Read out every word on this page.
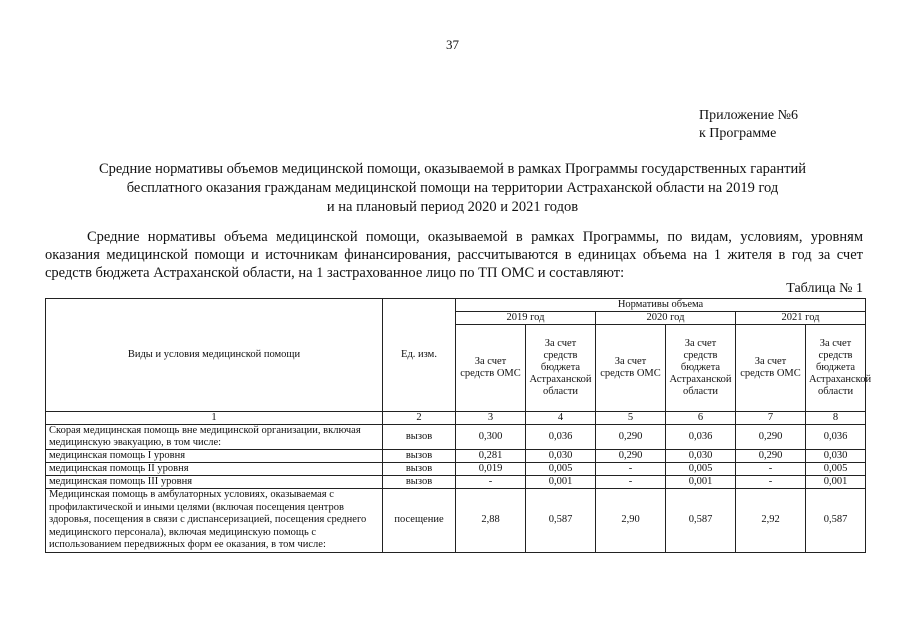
37
Приложение №6
к Программе
Средние нормативы объемов медицинской помощи, оказываемой в рамках Программы государственных гарантий
бесплатного оказания гражданам медицинской помощи на территории Астраханской области на 2019 год
и на плановый период 2020 и 2021 годов
Средние нормативы объема медицинской помощи, оказываемой в рамках Программы, по видам, условиям, уровням
оказания медицинской помощи и источникам финансирования, рассчитываются в единицах объема на 1 жителя в год за счет
средств бюджета Астраханской области, на 1 застрахованное лицо по ТП ОМС и составляют:
Таблица № 1
Виды и условия медицинской помощи	Ед. изм.	Нормативы объема					
		2019 год		2020 год		2021 год	
		За счет средств ОМС	За счет средств бюджета Астраханской области	За счет средств ОМС	За счет средств бюджета Астраханской области	За счет средств ОМС	За счет средств бюджета Астраханской области
1	2	3	4	5	6	7	8
Скорая медицинская помощь вне медицинской организации, включая медицинскую эвакуацию, в том числе:	вызов	0,300	0,036	0,290	0,036	0,290	0,036
медицинская помощь I уровня	вызов	0,281	0,030	0,290	0,030	0,290	0,030
медицинская помощь II уровня	вызов	0,019	0,005	-	0,005	-	0,005
медицинская помощь III уровня	вызов	-	0,001	-	0,001	-	0,001
Медицинская помощь в амбулаторных условиях, оказываемая с профилактической и иными целями (включая посещения центров здоровья, посещения в связи с диспансеризацией, посещения среднего медицинского персонала), включая медицинскую помощь с использованием передвижных форм ее оказания, в том числе:	посещение	2,88	0,587	2,90	0,587	2,92	0,587
